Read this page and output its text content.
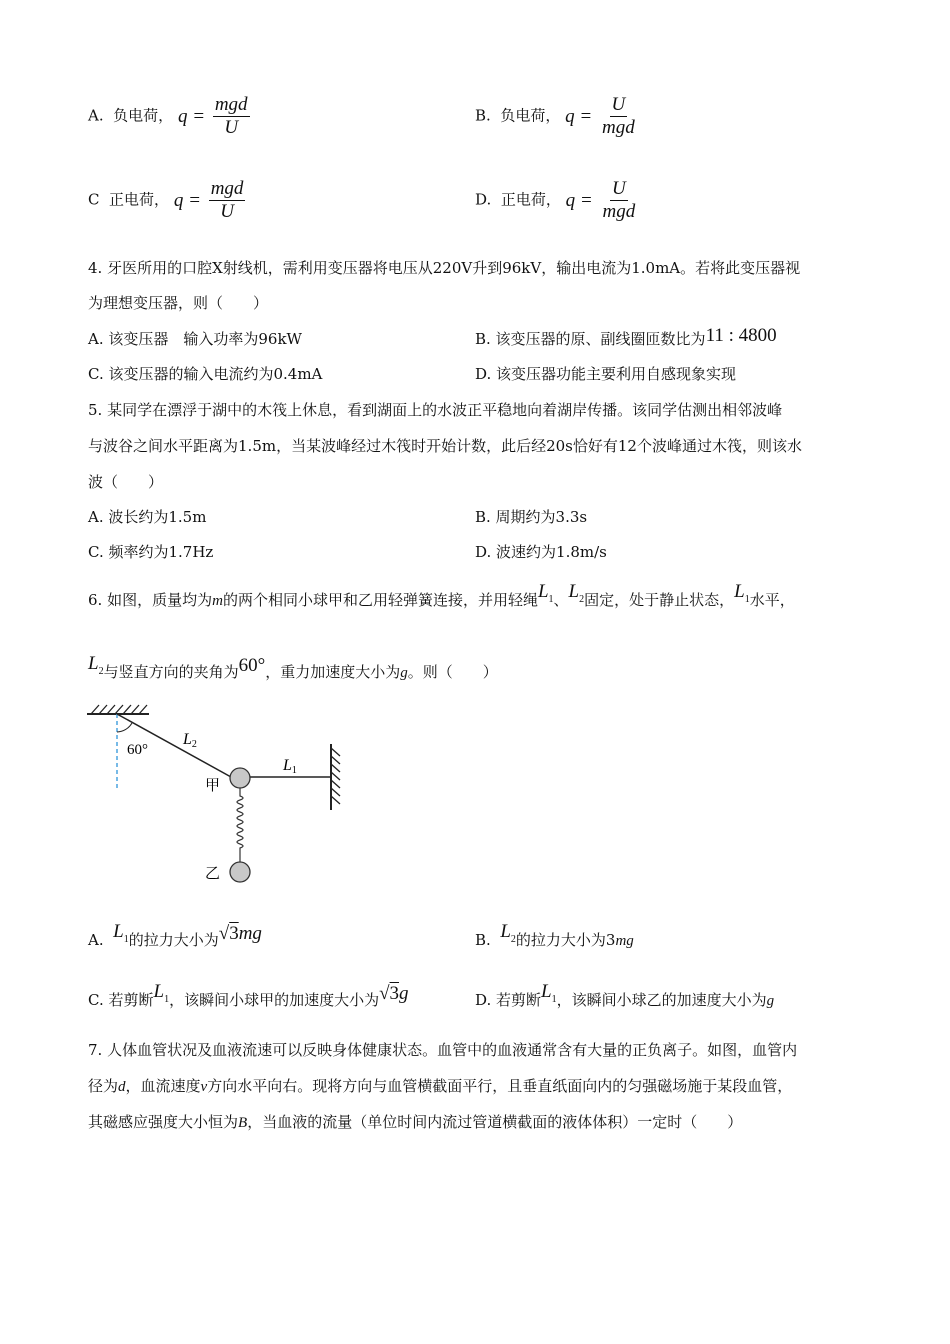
A. 负电荷， $q = \frac{\text{mgd}}{U}$	B. 负电荷， $q = \frac{U}{\text{mgd}}$
C 正电荷， $q = \frac{\text{mgd}}{U}$	D. 正电荷， $q = \frac{U}{\text{mgd}}$
4. 牙医所用的口腔X射线机，需利用变压器将电压从220V升到96kV，输出电流为1.0mA。若将此变压器视
为理想变压器，则（　　）
A. 该变压器　输入功率为96kW	B. 该变压器的原、副线圈匝数比为11 : 4800
C. 该变压器的输入电流约为0.4mA	D. 该变压器功能主要利用自感现象实现
5. 某同学在漂浮于湖中的木筏上休息，看到湖面上的水波正平稳地向着湖岸传播。该同学估测出相邻波峰
与波谷之间水平距离为1.5m，当某波峰经过木筏时开始计数，此后经20s恰好有12个波峰通过木筏，则该水
波（　　）
A. 波长约为1.5m	B. 周期约为3.3s
C. 频率约为1.7Hz	D. 波速约为1.8m/s
6. 如图，质量均为m的两个相同小球甲和乙用轻弹簧连接，并用轻绳$L_1$、$L_2$固定，处于静止状态，$L_1$水平，
$L_2$与竖直方向的夹角为60°，重力加速度大小为g。则（　　）
60°
L2
L1
甲
乙
A. $L_1$的拉力大小为√3mg	B. $L_2$的拉力大小为3mg
C. 若剪断$L_1$，该瞬间小球甲的加速度大小为√3g	D. 若剪断$L_1$，该瞬间小球乙的加速度大小为g
7. 人体血管状况及血液流速可以反映身体健康状态。血管中的血液通常含有大量的正负离子。如图，血管内
径为d，血流速度v方向水平向右。现将方向与血管横截面平行，且垂直纸面向内的匀强磁场施于某段血管，
其磁感应强度大小恒为B，当血液的流量（单位时间内流过管道横截面的液体体积）一定时（　　）
